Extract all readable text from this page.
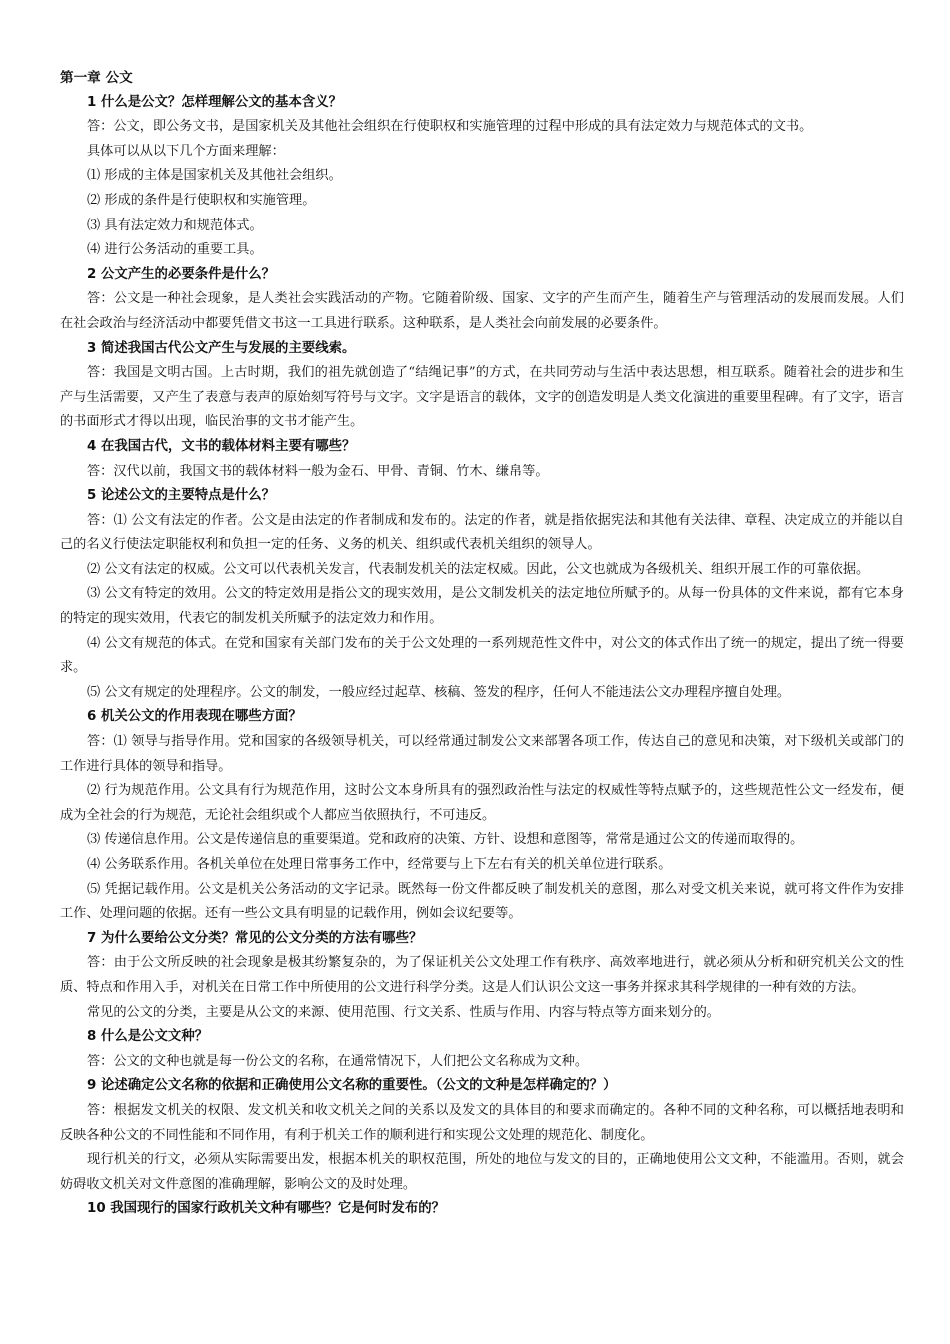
第一章 公文
1 什么是公文？怎样理解公文的基本含义？
答：公文，即公务文书，是国家机关及其他社会组织在行使职权和实施管理的过程中形成的具有法定效力与规范体式的文书。
具体可以从以下几个方面来理解：
⑴ 形成的主体是国家机关及其他社会组织。
⑵ 形成的条件是行使职权和实施管理。
⑶ 具有法定效力和规范体式。
⑷ 进行公务活动的重要工具。
2 公文产生的必要条件是什么？
答：公文是一种社会现象，是人类社会实践活动的产物。它随着阶级、国家、文字的产生而产生，随着生产与管理活动的发展而发展。人们在社会政治与经济活动中都要凭借文书这一工具进行联系。这种联系，是人类社会向前发展的必要条件。
3 简述我国古代公文产生与发展的主要线索。
答：我国是文明古国。上古时期，我们的祖先就创造了“结绳记事”的方式，在共同劳动与生活中表达思想，相互联系。随着社会的进步和生产与生活需要，又产生了表意与表声的原始刻写符号与文字。文字是语言的载体，文字的创造发明是人类文化演进的重要里程碑。有了文字，语言的书面形式才得以出现，临民治事的文书才能产生。
4 在我国古代，文书的载体材料主要有哪些？
答：汉代以前，我国文书的载体材料一般为金石、甲骨、青铜、竹木、缣帛等。
5 论述公文的主要特点是什么？
答：⑴ 公文有法定的作者。公文是由法定的作者制成和发布的。法定的作者，就是指依据宪法和其他有关法律、章程、决定成立的并能以自己的名义行使法定职能权利和负担一定的任务、义务的机关、组织或代表机关组织的领导人。
⑵ 公文有法定的权威。公文可以代表机关发言，代表制发机关的法定权威。因此，公文也就成为各级机关、组织开展工作的可靠依据。
⑶ 公文有特定的效用。公文的特定效用是指公文的现实效用，是公文制发机关的法定地位所赋予的。从每一份具体的文件来说，都有它本身的特定的现实效用，代表它的制发机关所赋予的法定效力和作用。
⑷ 公文有规范的体式。在党和国家有关部门发布的关于公文处理的一系列规范性文件中，对公文的体式作出了统一的规定，提出了统一得要求。
⑸ 公文有规定的处理程序。公文的制发，一般应经过起草、核稿、签发的程序，任何人不能违法公文办理程序擅自处理。
6 机关公文的作用表现在哪些方面？
答：⑴ 领导与指导作用。党和国家的各级领导机关，可以经常通过制发公文来部署各项工作，传达自己的意见和决策，对下级机关或部门的工作进行具体的领导和指导。
⑵ 行为规范作用。公文具有行为规范作用，这时公文本身所具有的强烈政治性与法定的权威性等特点赋予的，这些规范性公文一经发布，便成为全社会的行为规范，无论社会组织或个人都应当依照执行，不可违反。
⑶ 传递信息作用。公文是传递信息的重要渠道。党和政府的决策、方针、设想和意图等，常常是通过公文的传递而取得的。
⑷ 公务联系作用。各机关单位在处理日常事务工作中，经常要与上下左右有关的机关单位进行联系。
⑸ 凭据记载作用。公文是机关公务活动的文字记录。既然每一份文件都反映了制发机关的意图，那么对受文机关来说，就可将文件作为安排工作、处理问题的依据。还有一些公文具有明显的记载作用，例如会议纪要等。
7 为什么要给公文分类？常见的公文分类的方法有哪些？
答：由于公文所反映的社会现象是极其纷繁复杂的，为了保证机关公文处理工作有秩序、高效率地进行，就必须从分析和研究机关公文的性质、特点和作用入手，对机关在日常工作中所使用的公文进行科学分类。这是人们认识公文这一事务并探求其科学规律的一种有效的方法。
常见的公文的分类，主要是从公文的来源、使用范围、行文关系、性质与作用、内容与特点等方面来划分的。
8 什么是公文文种？
答：公文的文种也就是每一份公文的名称，在通常情况下，人们把公文名称成为文种。
9 论述确定公文名称的依据和正确使用公文名称的重要性。（公文的文种是怎样确定的？）
答：根据发文机关的权限、发文机关和收文机关之间的关系以及发文的具体目的和要求而确定的。各种不同的文种名称，可以概括地表明和反映各种公文的不同性能和不同作用，有利于机关工作的顺利进行和实现公文处理的规范化、制度化。
现行机关的行文，必须从实际需要出发，根据本机关的职权范围，所处的地位与发文的目的，正确地使用公文文种，不能滥用。否则，就会妨碍收文机关对文件意图的准确理解，影响公文的及时处理。
10 我国现行的国家行政机关文种有哪些？它是何时发布的？
